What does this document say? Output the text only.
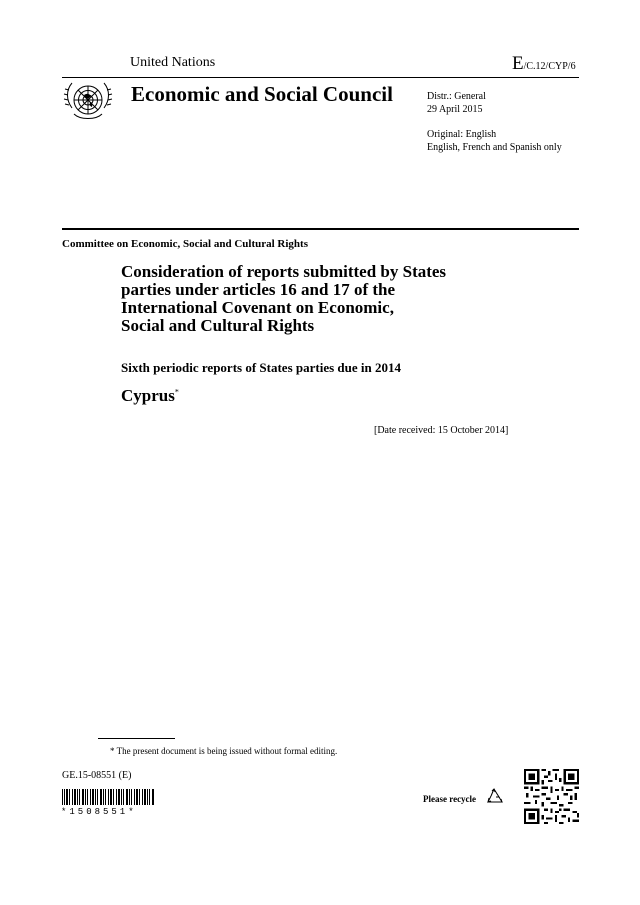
United Nations	E/C.12/CYP/6
Economic and Social Council	Distr.: General
29 April 2015
Original: English
English, French and Spanish only
Committee on Economic, Social and Cultural Rights
Consideration of reports submitted by States
parties under articles 16 and 17 of the
International Covenant on Economic,
Social and Cultural Rights
Sixth periodic reports of States parties due in 2014
Cyprus*
[Date received: 15 October 2014]
* The present document is being issued without formal editing.
GE.15-08551 (E)
*1508551*
Please recycle
